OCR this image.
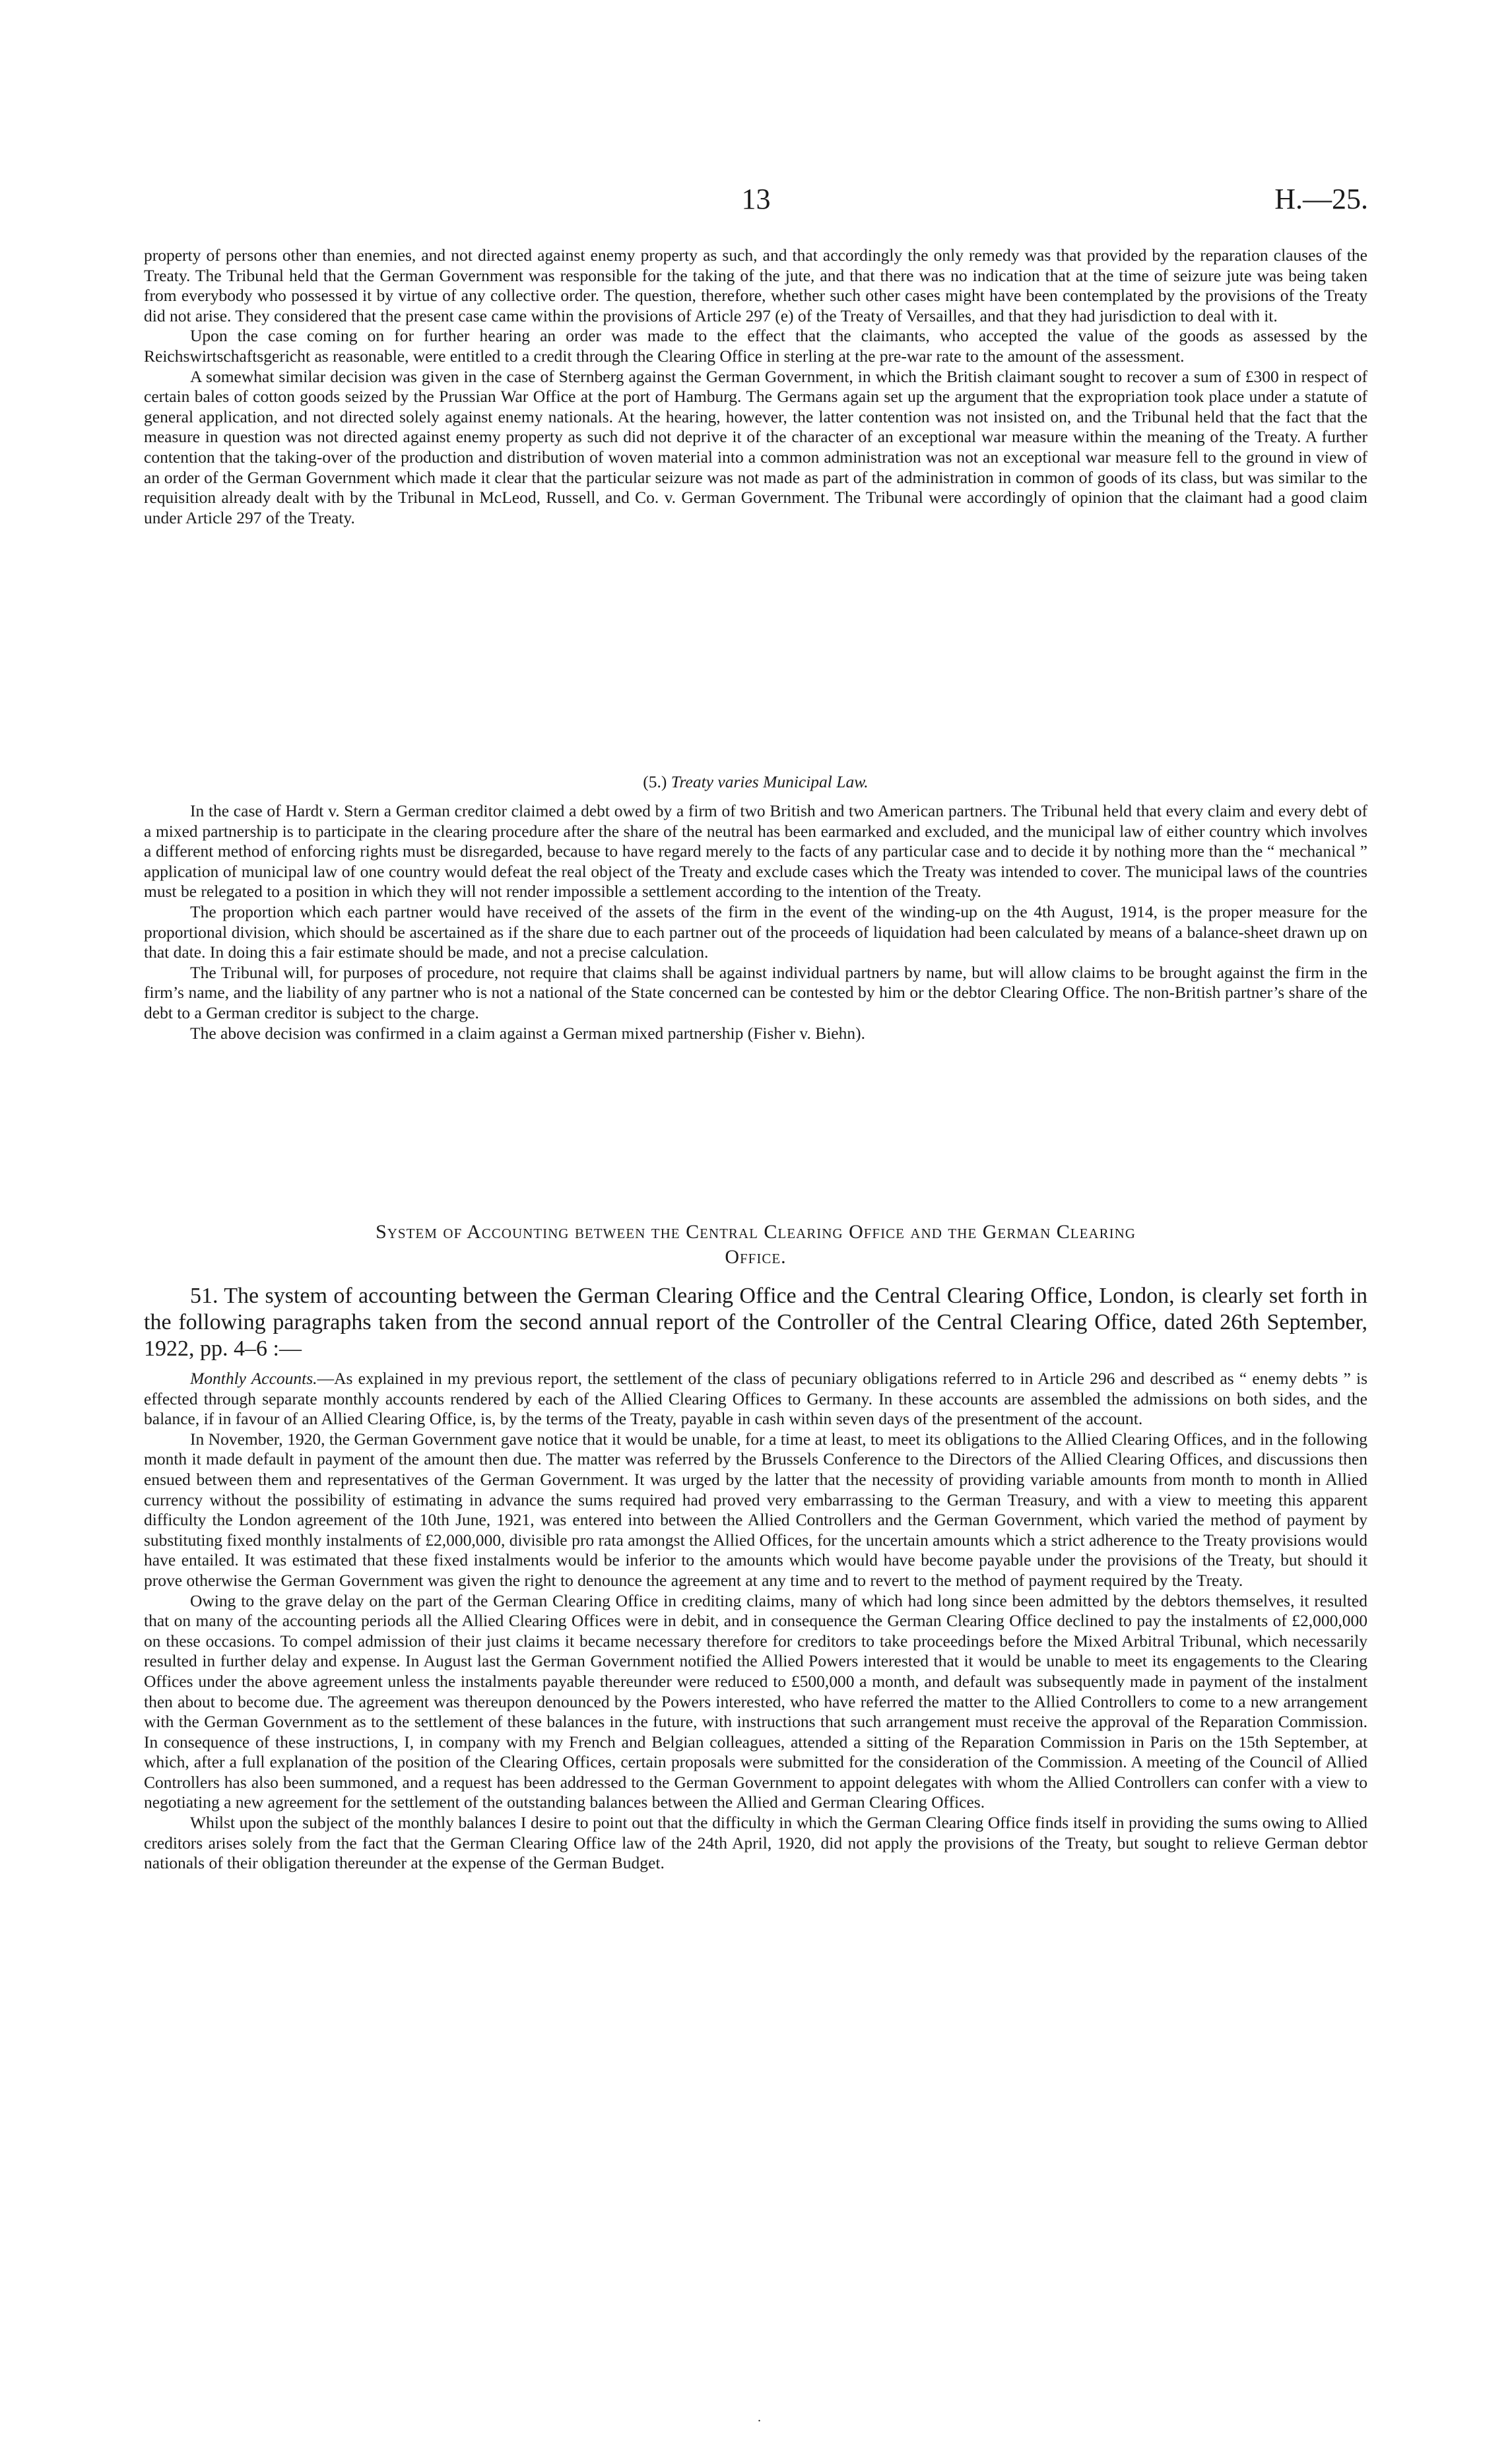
13	H.—25.

property of persons other than enemies, and not directed against enemy property as such, and that accordingly the only remedy was that provided by the reparation clauses of the Treaty. The Tribunal held that the German Government was responsible for the taking of the jute, and that there was no indication that at the time of seizure jute was being taken from everybody who possessed it by virtue of any collective order. The question, therefore, whether such other cases might have been contemplated by the provisions of the Treaty did not arise. They considered that the present case came within the provisions of Article 297 (e) of the Treaty of Versailles, and that they had jurisdiction to deal with it.

Upon the case coming on for further hearing an order was made to the effect that the claimants, who accepted the value of the goods as assessed by the Reichswirtschaftsgericht as reasonable, were entitled to a credit through the Clearing Office in sterling at the pre-war rate to the amount of the assessment.

A somewhat similar decision was given in the case of Sternberg against the German Government, in which the British claimant sought to recover a sum of £300 in respect of certain bales of cotton goods seized by the Prussian War Office at the port of Hamburg. The Germans again set up the argument that the expropriation took place under a statute of general application, and not directed solely against enemy nationals. At the hearing, however, the latter contention was not insisted on, and the Tribunal held that the fact that the measure in question was not directed against enemy property as such did not deprive it of the character of an exceptional war measure within the meaning of the Treaty. A further contention that the taking-over of the production and distribution of woven material into a common administration was not an exceptional war measure fell to the ground in view of an order of the German Government which made it clear that the particular seizure was not made as part of the administration in common of goods of its class, but was similar to the requisition already dealt with by the Tribunal in McLeod, Russell, and Co. v. German Government. The Tribunal were accordingly of opinion that the claimant had a good claim under Article 297 of the Treaty.

(5.) Treaty varies Municipal Law.

In the case of Hardt v. Stern a German creditor claimed a debt owed by a firm of two British and two American partners. The Tribunal held that every claim and every debt of a mixed partnership is to participate in the clearing procedure after the share of the neutral has been earmarked and excluded, and the municipal law of either country which involves a different method of enforcing rights must be disregarded, because to have regard merely to the facts of any particular case and to decide it by nothing more than the “ mechanical ” application of municipal law of one country would defeat the real object of the Treaty and exclude cases which the Treaty was intended to cover. The municipal laws of the countries must be relegated to a position in which they will not render impossible a settlement according to the intention of the Treaty.

The proportion which each partner would have received of the assets of the firm in the event of the winding-up on the 4th August, 1914, is the proper measure for the proportional division, which should be ascertained as if the share due to each partner out of the proceeds of liquidation had been calculated by means of a balance-sheet drawn up on that date. In doing this a fair estimate should be made, and not a precise calculation.

The Tribunal will, for purposes of procedure, not require that claims shall be against individual partners by name, but will allow claims to be brought against the firm in the firm’s name, and the liability of any partner who is not a national of the State concerned can be contested by him or the debtor Clearing Office. The non-British partner’s share of the debt to a German creditor is subject to the charge.

The above decision was confirmed in a claim against a German mixed partnership (Fisher v. Biehn).

System of Accounting between the Central Clearing Office and the German Clearing

Office.

51. The system of accounting between the German Clearing Office and the Central Clearing Office, London, is clearly set forth in the following paragraphs taken from the second annual report of the Controller of the Central Clearing Office, dated 26th September, 1922, pp. 4–6 :—

Monthly Accounts.—As explained in my previous report, the settlement of the class of pecuniary obligations referred to in Article 296 and described as “ enemy debts ” is effected through separate monthly accounts rendered by each of the Allied Clearing Offices to Germany. In these accounts are assembled the admissions on both sides, and the balance, if in favour of an Allied Clearing Office, is, by the terms of the Treaty, payable in cash within seven days of the presentment of the account.

In November, 1920, the German Government gave notice that it would be unable, for a time at least, to meet its obligations to the Allied Clearing Offices, and in the following month it made default in payment of the amount then due. The matter was referred by the Brussels Conference to the Directors of the Allied Clearing Offices, and discussions then ensued between them and representatives of the German Government. It was urged by the latter that the necessity of providing variable amounts from month to month in Allied currency without the possibility of estimating in advance the sums required had proved very embarrassing to the German Treasury, and with a view to meeting this apparent difficulty the London agreement of the 10th June, 1921, was entered into between the Allied Controllers and the German Government, which varied the method of payment by substituting fixed monthly instalments of £2,000,000, divisible pro rata amongst the Allied Offices, for the uncertain amounts which a strict adherence to the Treaty provisions would have entailed. It was estimated that these fixed instalments would be inferior to the amounts which would have become payable under the provisions of the Treaty, but should it prove otherwise the German Government was given the right to denounce the agreement at any time and to revert to the method of payment required by the Treaty.

Owing to the grave delay on the part of the German Clearing Office in crediting claims, many of which had long since been admitted by the debtors themselves, it resulted that on many of the accounting periods all the Allied Clearing Offices were in debit, and in consequence the German Clearing Office declined to pay the instalments of £2,000,000 on these occasions. To compel admission of their just claims it became necessary therefore for creditors to take proceedings before the Mixed Arbitral Tribunal, which necessarily resulted in further delay and expense. In August last the German Government notified the Allied Powers interested that it would be unable to meet its engagements to the Clearing Offices under the above agreement unless the instalments payable thereunder were reduced to £500,000 a month, and default was subsequently made in payment of the instalment then about to become due. The agreement was thereupon denounced by the Powers interested, who have referred the matter to the Allied Controllers to come to a new arrangement with the German Government as to the settlement of these balances in the future, with instructions that such arrangement must receive the approval of the Reparation Commission. In consequence of these instructions, I, in company with my French and Belgian colleagues, attended a sitting of the Reparation Commission in Paris on the 15th September, at which, after a full explanation of the position of the Clearing Offices, certain proposals were submitted for the consideration of the Commission. A meeting of the Council of Allied Controllers has also been summoned, and a request has been addressed to the German Government to appoint delegates with whom the Allied Controllers can confer with a view to negotiating a new agreement for the settlement of the outstanding balances between the Allied and German Clearing Offices.

Whilst upon the subject of the monthly balances I desire to point out that the difficulty in which the German Clearing Office finds itself in providing the sums owing to Allied creditors arises solely from the fact that the German Clearing Office law of the 24th April, 1920, did not apply the provisions of the Treaty, but sought to relieve German debtor nationals of their obligation thereunder at the expense of the German Budget.

.
